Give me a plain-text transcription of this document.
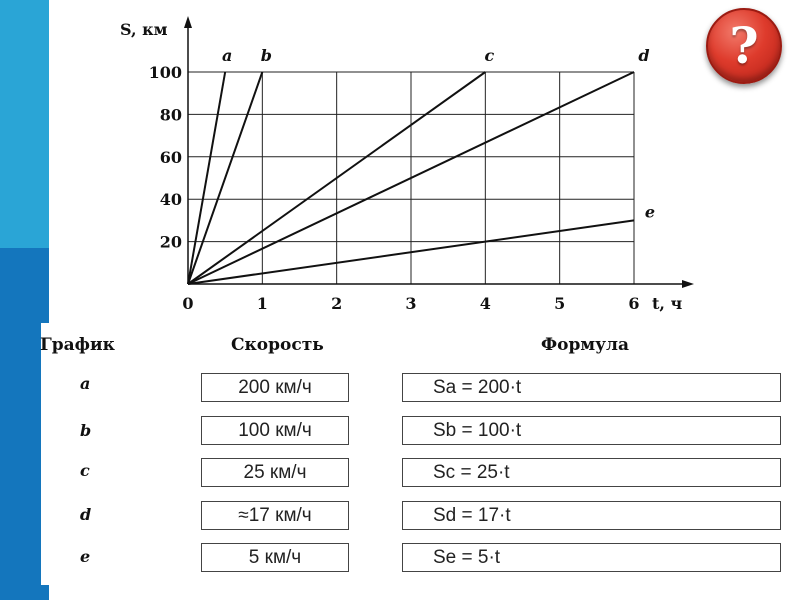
0	1	2	3	4	5	6
20
40
60
80
100
S, км
t, ч
a b	c	d
e
?
График	Скорость	Формула
a	200 км/ч	Sa = 200·t
b	100 км/ч	Sb = 100·t
c	25 км/ч	Sc = 25·t
d	≈17 км/ч	Sd = 17·t
e	5 км/ч	Se = 5·t
